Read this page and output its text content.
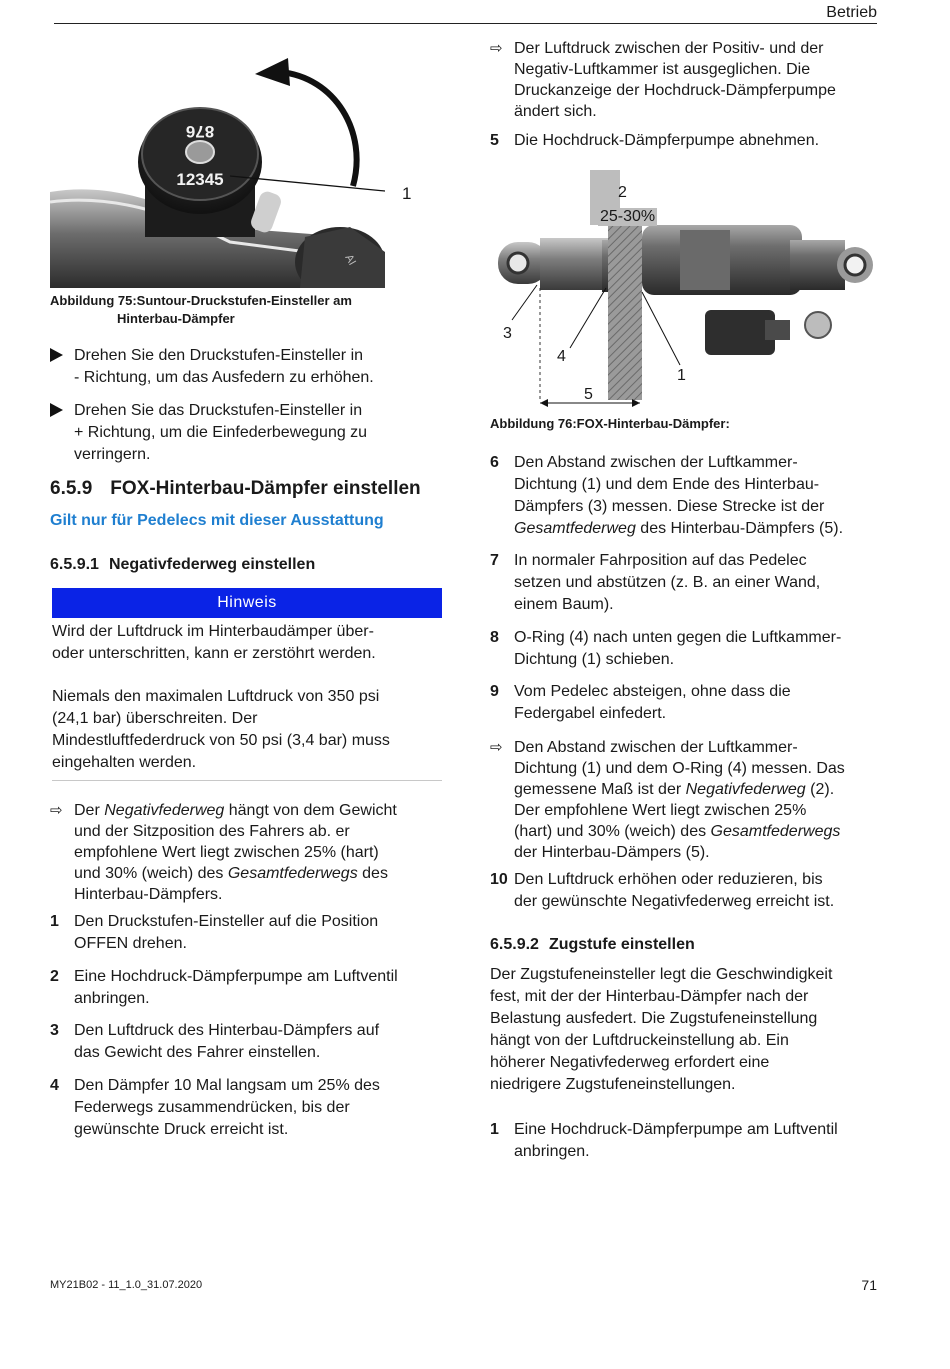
Betrieb
AI
876
12345
1
Abbildung 75:Suntour-Druckstufen-Einsteller am
Hinterbau-Dämpfer
Drehen Sie den Druckstufen-Einsteller in
- Richtung, um das Ausfedern zu erhöhen.
Drehen Sie das Druckstufen-Einsteller in
+ Richtung, um die Einfederbewegung zu
verringern.
6.5.9 FOX-Hinterbau-Dämpfer einstellen
Gilt nur für Pedelecs mit dieser Ausstattung
6.5.9.1 Negativfederweg einstellen
Hinweis
Wird der Luftdruck im Hinterbaudämper über-
oder unterschritten, kann er zerstöhrt werden.
Niemals den maximalen Luftdruck von 350 psi
(24,1 bar) überschreiten. Der
Mindestluftfederdruck von 50 psi (3,4 bar) muss
eingehalten werden.
⇨ Der Negativfederweg hängt von dem Gewicht
und der Sitzposition des Fahrers ab. er
empfohlene Wert liegt zwischen 25% (hart)
und 30% (weich) des Gesamtfederwegs des
Hinterbau-Dämpfers.
1 Den Druckstufen-Einsteller auf die Position
OFFEN drehen.
2 Eine Hochdruck-Dämpferpumpe am Luftventil
anbringen.
3 Den Luftdruck des Hinterbau-Dämpfers auf
das Gewicht des Fahrer einstellen.
4 Den Dämpfer 10 Mal langsam um 25% des
Federwegs zusammendrücken, bis der
gewünschte Druck erreicht ist.
⇨ Der Luftdruck zwischen der Positiv- und der
Negativ-Luftkammer ist ausgeglichen. Die
Druckanzeige der Hochdruck-Dämpferpumpe
ändert sich.
5 Die Hochdruck-Dämpferpumpe abnehmen.
2
25-30%
3
4
1
5
Abbildung 76:FOX-Hinterbau-Dämpfer:
6 Den Abstand zwischen der Luftkammer-
Dichtung (1) und dem Ende des Hinterbau-
Dämpfers (3) messen. Diese Strecke ist der
Gesamtfederweg des Hinterbau-Dämpfers (5).
7 In normaler Fahrposition auf das Pedelec
setzen und abstützen (z. B. an einer Wand,
einem Baum).
8 O-Ring (4) nach unten gegen die Luftkammer-
Dichtung (1) schieben.
9 Vom Pedelec absteigen, ohne dass die
Federgabel einfedert.
⇨ Den Abstand zwischen der Luftkammer-
Dichtung (1) und dem O-Ring (4) messen. Das
gemessene Maß ist der Negativfederweg (2).
Der empfohlene Wert liegt zwischen 25%
(hart) und 30% (weich) des Gesamtfederwegs
der Hinterbau-Dämpers (5).
10 Den Luftdruck erhöhen oder reduzieren, bis
der gewünschte Negativfederweg erreicht ist.
6.5.9.2 Zugstufe einstellen
Der Zugstufeneinsteller legt die Geschwindigkeit
fest, mit der der Hinterbau-Dämpfer nach der
Belastung ausfedert. Die Zugstufeneinstellung
hängt von der Luftdruckeinstellung ab. Ein
höherer Negativfederweg erfordert eine
niedrigere Zugstufeneinstellungen.
1 Eine Hochdruck-Dämpferpumpe am Luftventil
anbringen.
MY21B02 - 11_1.0_31.07.2020	71
